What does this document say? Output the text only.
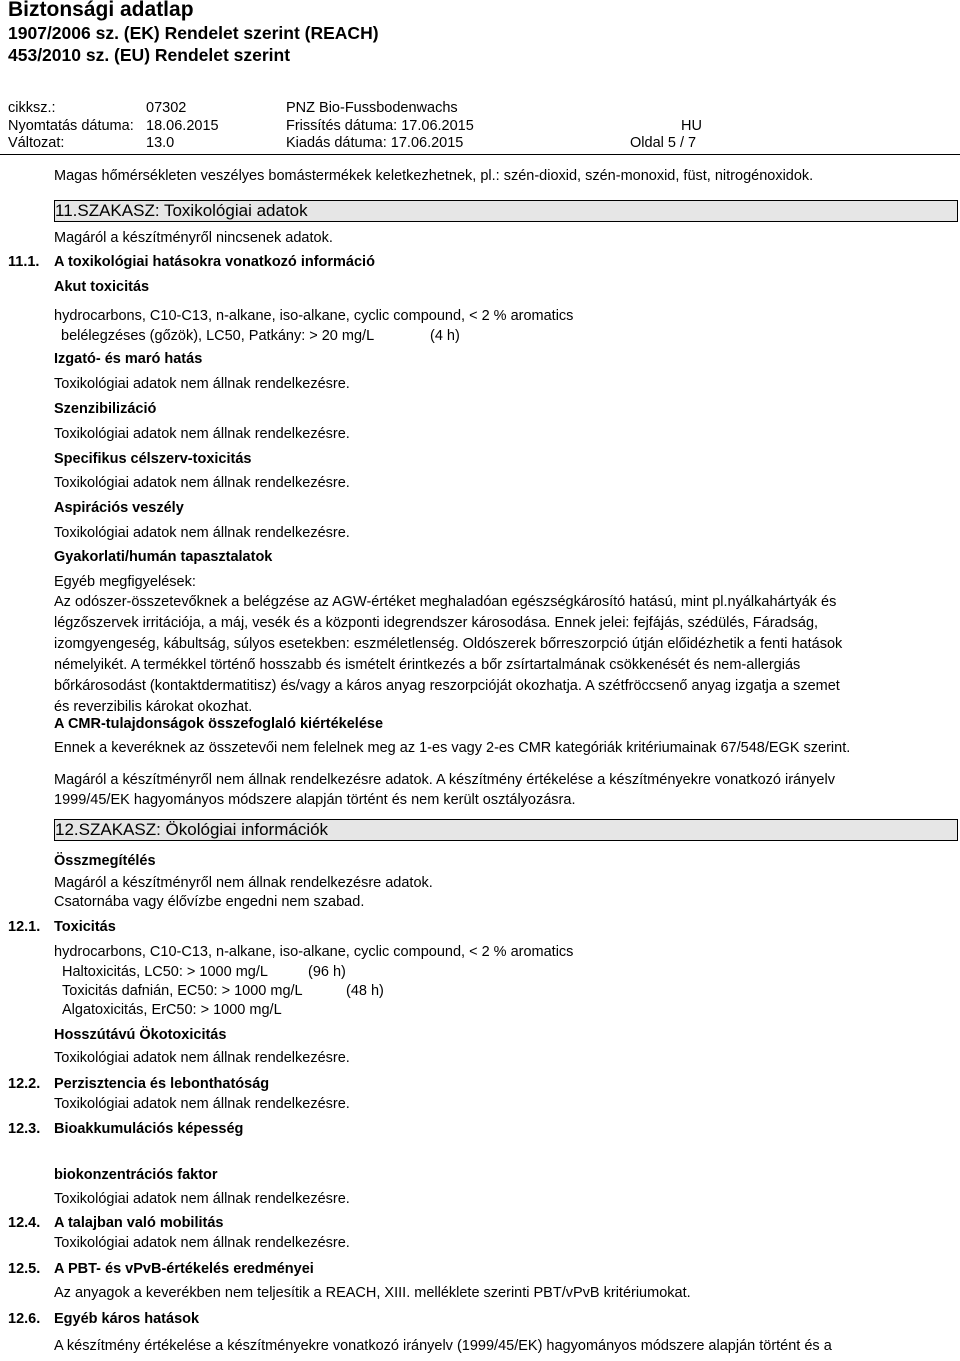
Biztonsági adatlap
1907/2006 sz. (EK) Rendelet szerint (REACH)
453/2010 sz. (EU) Rendelet szerint
cikksz.:	07302	PNZ Bio-Fussbodenwachs
Nyomtatás dátuma: 18.06.2015	Frissítés dátuma: 17.06.2015	HU
Változat:	13.0	Kiadás dátuma: 17.06.2015	Oldal 5 / 7
Magas hőmérsékleten veszélyes bomástermékek keletkezhetnek, pl.: szén-dioxid, szén-monoxid, füst, nitrogénoxidok.
11.SZAKASZ: Toxikológiai adatok
Magáról a készítményről nincsenek adatok.
11.1. A toxikológiai hatásokra vonatkozó információ
Akut toxicitás
hydrocarbons, C10-C13, n-alkane, iso-alkane, cyclic compound, < 2 % aromatics
belélegzéses (gőzök), LC50, Patkány: > 20 mg/L	(4 h)
Izgató- és maró hatás
Toxikológiai adatok nem állnak rendelkezésre.
Szenzibilizáció
Toxikológiai adatok nem állnak rendelkezésre.
Specifikus célszerv-toxicitás
Toxikológiai adatok nem állnak rendelkezésre.
Aspirációs veszély
Toxikológiai adatok nem állnak rendelkezésre.
Gyakorlati/humán tapasztalatok
Egyéb megfigyelések:
Az odószer-összetevőknek a belégzése az AGW-értéket meghaladóan egészségkárosító hatású, mint pl.nyálkahártyák és
légzőszervek irritációja, a máj, vesék és a központi idegrendszer károsodása. Ennek jelei: fejfájás, szédülés, Fáradság,
izomgyengeség, kábultság, súlyos esetekben: eszméletlenség. Oldószerek bőrreszorpció útján előidézhetik a fenti hatások
némelyikét. A termékkel történő hosszabb és ismételt érintkezés a bőr zsírtartalmának csökkenését és nem-allergiás
bőrkárosodást (kontaktdermatitisz) és/vagy a káros anyag reszorpcióját okozhatja. A szétfröccsenő anyag izgatja a szemet
és reverzibilis károkat okozhat.
A CMR-tulajdonságok összefoglaló kiértékelése
Ennek a keveréknek az összetevői nem felelnek meg az 1-es vagy 2-es CMR kategóriák kritériumainak 67/548/EGK szerint.
Magáról a készítményről nem állnak rendelkezésre adatok. A készítmény értékelése a készítményekre vonatkozó irányelv
1999/45/EK hagyományos módszere alapján történt és nem került osztályozásra.
12.SZAKASZ: Ökológiai információk
Összmegítélés
Magáról a készítményről nem állnak rendelkezésre adatok.
Csatornába vagy élővízbe engedni nem szabad.
12.1. Toxicitás
hydrocarbons, C10-C13, n-alkane, iso-alkane, cyclic compound, < 2 % aromatics
Haltoxicitás, LC50: > 1000 mg/L	(96 h)
Toxicitás dafnián, EC50: > 1000 mg/L	(48 h)
Algatoxicitás, ErC50: > 1000 mg/L
Hosszútávú Ökotoxicitás
Toxikológiai adatok nem állnak rendelkezésre.
12.2. Perzisztencia és lebonthatóság
Toxikológiai adatok nem állnak rendelkezésre.
12.3. Bioakkumulációs képesség
biokonzentrációs faktor
Toxikológiai adatok nem állnak rendelkezésre.
12.4. A talajban való mobilitás
Toxikológiai adatok nem állnak rendelkezésre.
12.5. A PBT- és vPvB-értékelés eredményei
Az anyagok a keverékben nem teljesítik a REACH, XIII. melléklete szerinti PBT/vPvB kritériumokat.
12.6. Egyéb káros hatások
A készítmény értékelése a készítményekre vonatkozó irányelv (1999/45/EK) hagyományos módszere alapján történt és a
